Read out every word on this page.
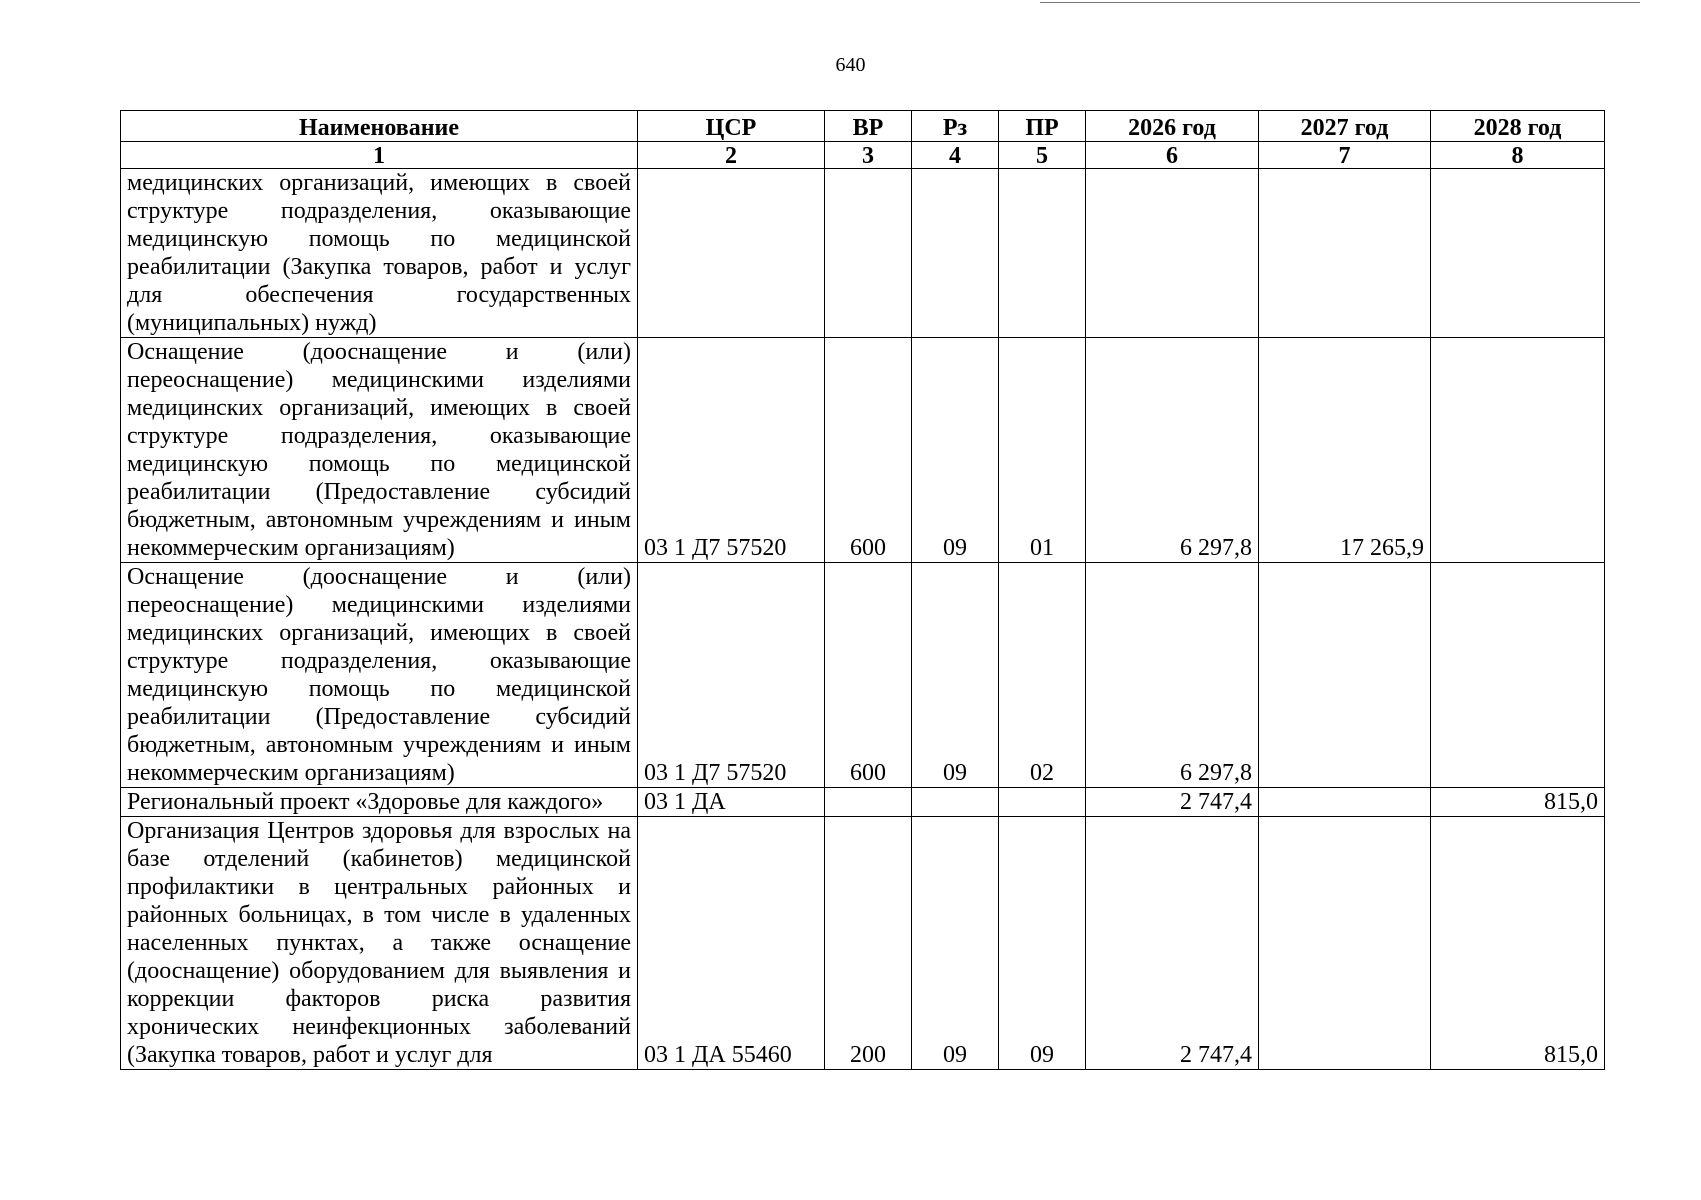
640
Наименование	ЦСР	ВР	Рз	ПР	2026 год	2027 год	2028 год
1	2	3	4	5	6	7	8
медицинских организаций, имеющих в своей структуре подразделения, оказывающие медицинскую помощь по медицинской реабилитации (Закупка товаров, работ и услуг для обеспечения государственных (муниципальных) нужд)							
Оснащение (дооснащение и (или) переоснащение) медицинскими изделиями медицинских организаций, имеющих в своей структуре подразделения, оказывающие медицинскую помощь по медицинской реабилитации (Предоставление субсидий бюджетным, автономным учреждениям и иным некоммерческим организациям)	03 1 Д7 57520	600	09	01	6 297,8	17 265,9	
Оснащение (дооснащение и (или) переоснащение) медицинскими изделиями медицинских организаций, имеющих в своей структуре подразделения, оказывающие медицинскую помощь по медицинской реабилитации (Предоставление субсидий бюджетным, автономным учреждениям и иным некоммерческим организациям)	03 1 Д7 57520	600	09	02	6 297,8		
Региональный проект «Здоровье для каждого»	03 1 ДА				2 747,4		815,0
Организация Центров здоровья для взрослых на базе отделений (кабинетов) медицинской профилактики в центральных районных и районных больницах, в том числе в удаленных населенных пунктах, а также оснащение (дооснащение) оборудованием для выявления и коррекции факторов риска развития хронических неинфекционных заболеваний (Закупка товаров, работ и услуг для	03 1 ДА 55460	200	09	09	2 747,4		815,0
